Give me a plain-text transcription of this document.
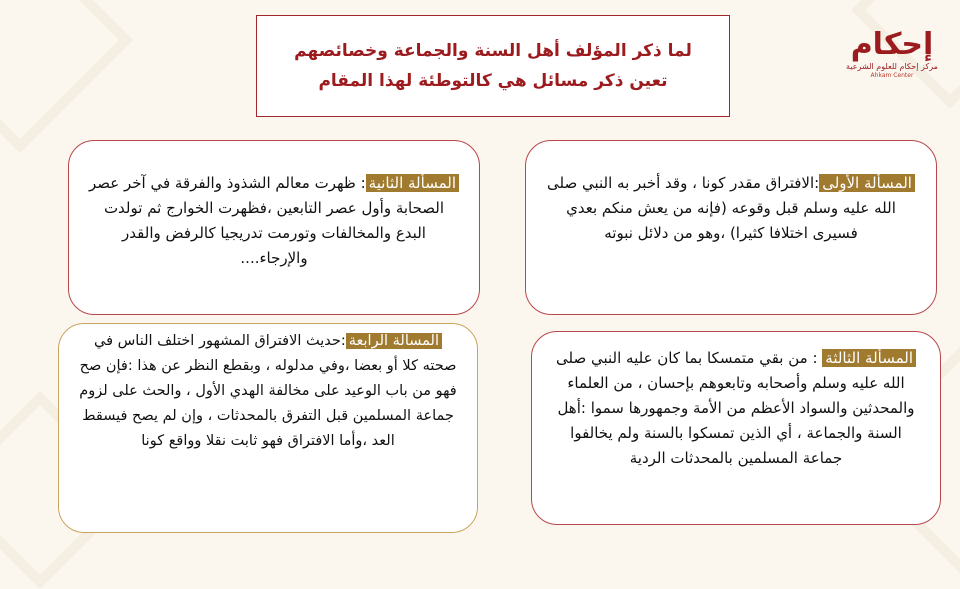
لما ذكر المؤلف أهل السنة والجماعة وخصائصهم
تعين ذكر مسائل هي كالتوطئة لهذا المقام
إحكام
مركز إحكام للعلوم الشرعية
Ahkam Center
المسألة الأولى:الافتراق مقدر كونا ، وقد أخبر به النبي صلى الله عليه وسلم قبل وقوعه (فإنه من يعش منكم بعدي فسيرى اختلافا كثيرا) ،وهو من دلائل نبوته
المسألة الثانية: ظهرت معالم الشذوذ والفرقة في آخر عصر الصحابة وأول عصر التابعين ،فظهرت الخوارج ثم تولدت البدع والمخالفات وتورمت تدريجيا كالرفض والقدر والإرجاء....
المسألة الثالثة : من بقي متمسكا بما كان عليه النبي صلى الله عليه وسلم وأصحابه وتابعوهم بإحسان ، من العلماء والمحدثين والسواد الأعظم من الأمة وجمهورها سموا :أهل السنة والجماعة ، أي الذين تمسكوا بالسنة ولم يخالفوا جماعة المسلمين بالمحدثات الردية
المسألة الرابعة:حديث الافتراق المشهور اختلف الناس في صحته كلا أو بعضا ،وفي مدلوله ، وبقطع النظر عن هذا :فإن صح فهو من باب الوعيد على مخالفة الهدي الأول ، والحث على لزوم جماعة المسلمين قبل التفرق بالمحدثات ، وإن لم يصح فيسقط العد ،وأما الافتراق فهو ثابت نقلا وواقع كونا
